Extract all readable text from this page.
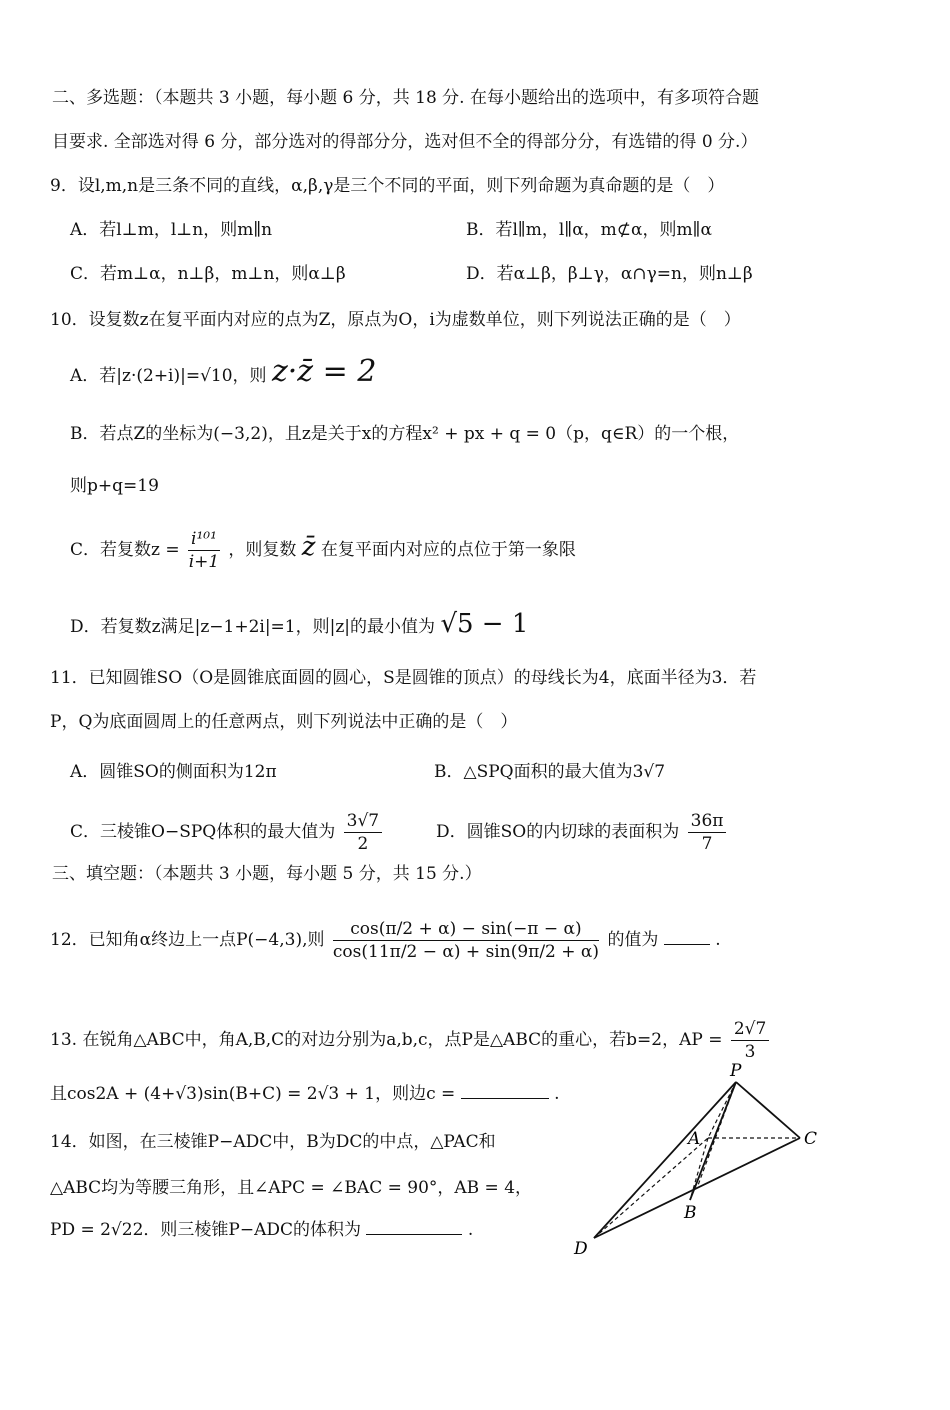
二、多选题：（本题共 3 小题，每小题 6 分，共 18 分. 在每小题给出的选项中，有多项符合题
目要求. 全部选对得 6 分，部分选对的得部分分，选对但不全的得部分分，有选错的得 0 分.）
9．设l,m,n是三条不同的直线，α,β,γ是三个不同的平面，则下列命题为真命题的是（　）
A．若l⊥m，l⊥n，则m∥n	B．若l∥m，l∥α，m⊄α，则m∥α
C．若m⊥α，n⊥β，m⊥n，则α⊥β	D．若α⊥β，β⊥γ，α∩γ=n，则n⊥β
10．设复数z在复平面内对应的点为Z，原点为O，i为虚数单位，则下列说法正确的是（　）
A．若|z·(2+i)|=√10，则 z·z̄ = 2
B．若点Z的坐标为(−3,2)，且z是关于x的方程x² + px + q = 0（p，q∈R）的一个根，
则p+q=19
C．若复数$z = \frac{\text{i¹⁰¹}}{i+1}$ ，则复数 z̄ 在复平面内对应的点位于第一象限
D．若复数z满足|z−1+2i|=1，则|z|的最小值为 √5 − 1
11．已知圆锥SO（O是圆锥底面圆的圆心，S是圆锥的顶点）的母线长为4，底面半径为3．若
P，Q为底面圆周上的任意两点，则下列说法中正确的是（　）
A．圆锥SO的侧面积为12π	B．△SPQ面积的最大值为3√7
C．三棱锥O−SPQ体积的最大值为 $\frac{3√7}{2}$	D．圆锥SO的内切球的表面积为 $\frac{36\pi}{7}$
三、填空题：（本题共 3 小题，每小题 5 分，共 15 分.）
12．已知角α终边上一点P(−4,3),则 $\frac{\cos(\pi/2 + \alpha) - \sin(-\pi - \alpha)}{\cos(11\pi/2 - \alpha) + \sin(9\pi/2 + \alpha)}$ 的值为	.
13. 在锐角△ABC中，角A,B,C的对边分别为a,b,c，点P是△ABC的重心，若b=2，AP = $\frac{2√7}{3}$
且cos2A + (4+√3)sin(B+C) = 2√3 + 1，则边c =	.
14．如图，在三棱锥P−ADC中，B为DC的中点，△PAC和
△ABC均为等腰三角形，且∠APC = ∠BAC = 90°，AB = 4，
PD = 2√22．则三棱锥P−ADC的体积为	.
P
A	C
B
D
